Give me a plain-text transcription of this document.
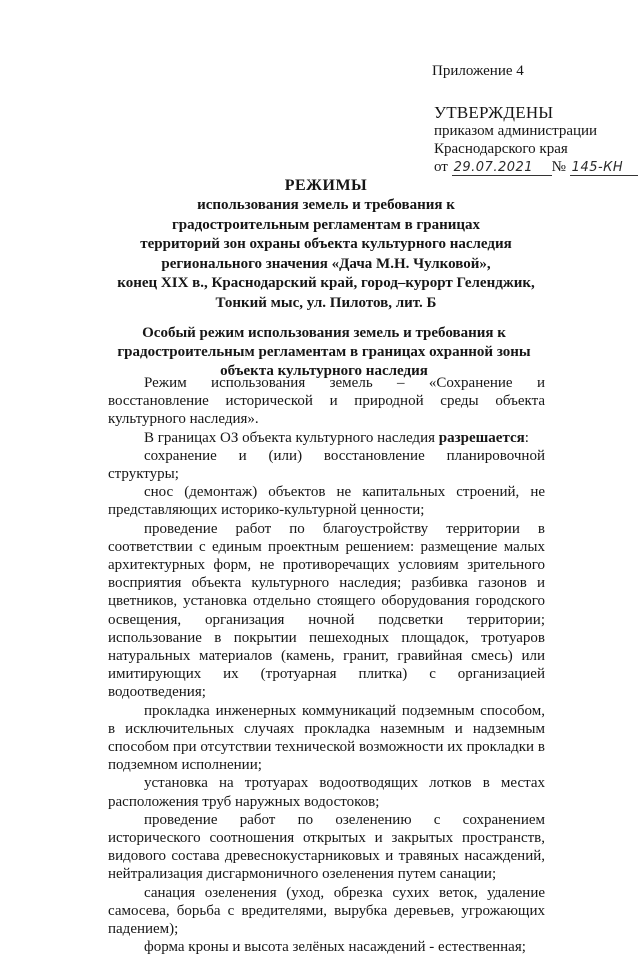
Приложение 4
УТВЕРЖДЕНЫ
приказом администрации
Краснодарского края
от 29.07.2021 № 145-КН
РЕЖИМЫ
использования земель и требования к
градостроительным регламентам в границах
территорий зон охраны объекта культурного наследия
регионального значения «Дача М.Н. Чулковой»,
конец XIX в., Краснодарский край, город–курорт Геленджик,
Тонкий мыс, ул. Пилотов, лит. Б
Особый режим использования земель и требования к градостроительным регламентам в границах охранной зоны объекта культурного наследия

Режим использования земель – «Сохранение и восстановление исторической и природной среды объекта культурного наследия».

В границах ОЗ объекта культурного наследия разрешается:

сохранение и (или) восстановление планировочной структуры;

снос (демонтаж) объектов не капитальных строений, не представляющих историко-культурной ценности;

проведение работ по благоустройству территории в соответствии с единым проектным решением: размещение малых архитектурных форм, не противоречащих условиям зрительного восприятия объекта культурного наследия; разбивка газонов и цветников, установка отдельно стоящего оборудования городского освещения, организация ночной подсветки территории; использование в покрытии пешеходных площадок, тротуаров натуральных материалов (камень, гранит, гравийная смесь) или имитирующих их (тротуарная плитка) с организацией водоотведения;

прокладка инженерных коммуникаций подземным способом, в исключительных случаях прокладка наземным и надземным способом при отсутствии технической возможности их прокладки в подземном исполнении;

установка на тротуарах водоотводящих лотков в местах расположения труб наружных водостоков;

проведение работ по озеленению с сохранением исторического соотношения открытых и закрытых пространств, видового состава древеснокустарниковых и травяных насаждений, нейтрализация дисгармоничного озеленения путем санации;

санация озеленения (уход, обрезка сухих веток, удаление самосева, борьба с вредителями, вырубка деревьев, угрожающих падением);

форма кроны и высота зелёных насаждений - естественная;
